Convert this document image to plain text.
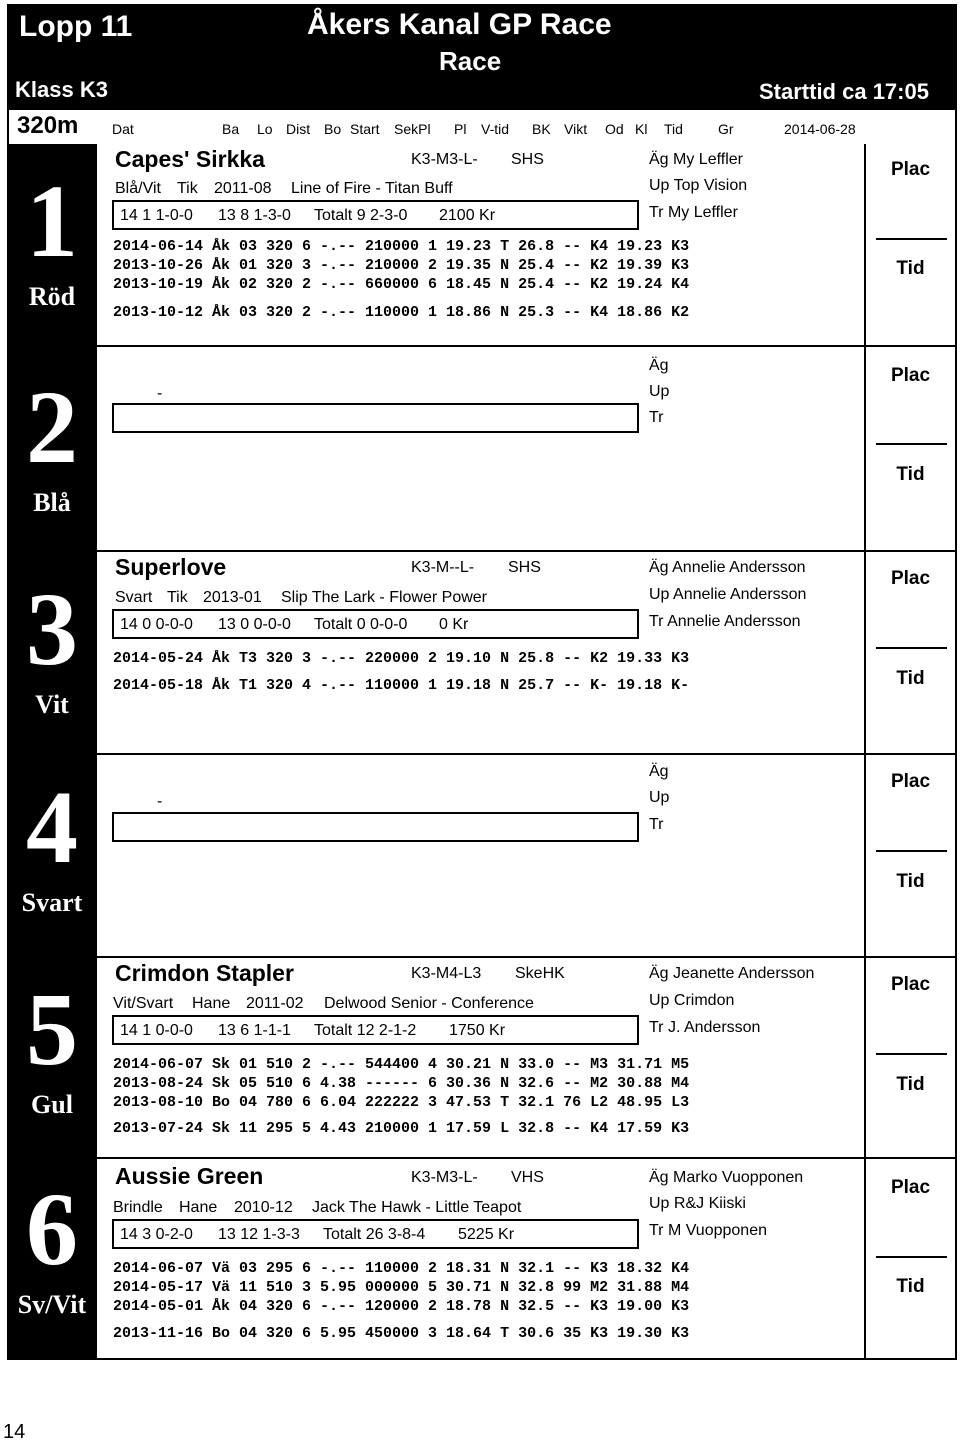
Lopp 11	Åkers Kanal GP Race
Race
Klass K3	Starttid ca 17:05
320m Dat	Ba Lo Dist Bo Start SekPl Pl V-tid BK Vikt Od Kl Tid	Gr	2014-06-28
1
Röd
2
Blå
3
Vit
4
Svart
5
Gul
6
Sv/Vit
Capes' Sirkka	K3-M3-L- SHS
Blå/Vit Tik 2011-08 Line of Fire - Titan Buff
14 1 1-0-0 13 8 1-3-0 Totalt 9 2-3-0 2100 Kr
Äg My Leffler
Up Top Vision
Tr My Leffler
2014-06-14 Åk 03 320 6 -.-- 210000 1 19.23 T 26.8 -- K4 19.23 K3
2013-10-26 Åk 01 320 3 -.-- 210000 2 19.35 N 25.4 -- K2 19.39 K3
2013-10-19 Åk 02 320 2 -.-- 660000 6 18.45 N 25.4 -- K2 19.24 K4
2013-10-12 Åk 03 320 2 -.-- 110000 1 18.86 N 25.3 -- K4 18.86 K2
Plac
Tid
-
Äg
Up
Tr
Plac
Tid
Superlove	K3-M--L- SHS
Svart Tik 2013-01 Slip The Lark - Flower Power
14 0 0-0-0 13 0 0-0-0 Totalt 0 0-0-0 0 Kr
Äg Annelie Andersson
Up Annelie Andersson
Tr Annelie Andersson
2014-05-24 Åk T3 320 3 -.-- 220000 2 19.10 N 25.8 -- K2 19.33 K3
2014-05-18 Åk T1 320 4 -.-- 110000 1 19.18 N 25.7 -- K- 19.18 K-
Plac
Tid
-
Äg
Up
Tr
Plac
Tid
Crimdon Stapler	K3-M4-L3 SkeHK
Vit/Svart Hane 2011-02 Delwood Senior - Conference
14 1 0-0-0 13 6 1-1-1 Totalt 12 2-1-2 1750 Kr
Äg Jeanette Andersson
Up Crimdon
Tr J. Andersson
2014-06-07 Sk 01 510 2 -.-- 544400 4 30.21 N 33.0 -- M3 31.71 M5
2013-08-24 Sk 05 510 6 4.38 ------ 6 30.36 N 32.6 -- M2 30.88 M4
2013-08-10 Bo 04 780 6 6.04 222222 3 47.53 T 32.1 76 L2 48.95 L3
2013-07-24 Sk 11 295 5 4.43 210000 1 17.59 L 32.8 -- K4 17.59 K3
Plac
Tid
Aussie Green	K3-M3-L- VHS
Brindle Hane 2010-12 Jack The Hawk - Little Teapot
14 3 0-2-0 13 12 1-3-3 Totalt 26 3-8-4 5225 Kr
Äg Marko Vuopponen
Up R&J Kiiski
Tr M Vuopponen
2014-06-07 Vä 03 295 6 -.-- 110000 2 18.31 N 32.1 -- K3 18.32 K4
2014-05-17 Vä 11 510 3 5.95 000000 5 30.71 N 32.8 99 M2 31.88 M4
2014-05-01 Åk 04 320 6 -.-- 120000 2 18.78 N 32.5 -- K3 19.00 K3
2013-11-16 Bo 04 320 6 5.95 450000 3 18.64 T 30.6 35 K3 19.30 K3
Plac
Tid
14
